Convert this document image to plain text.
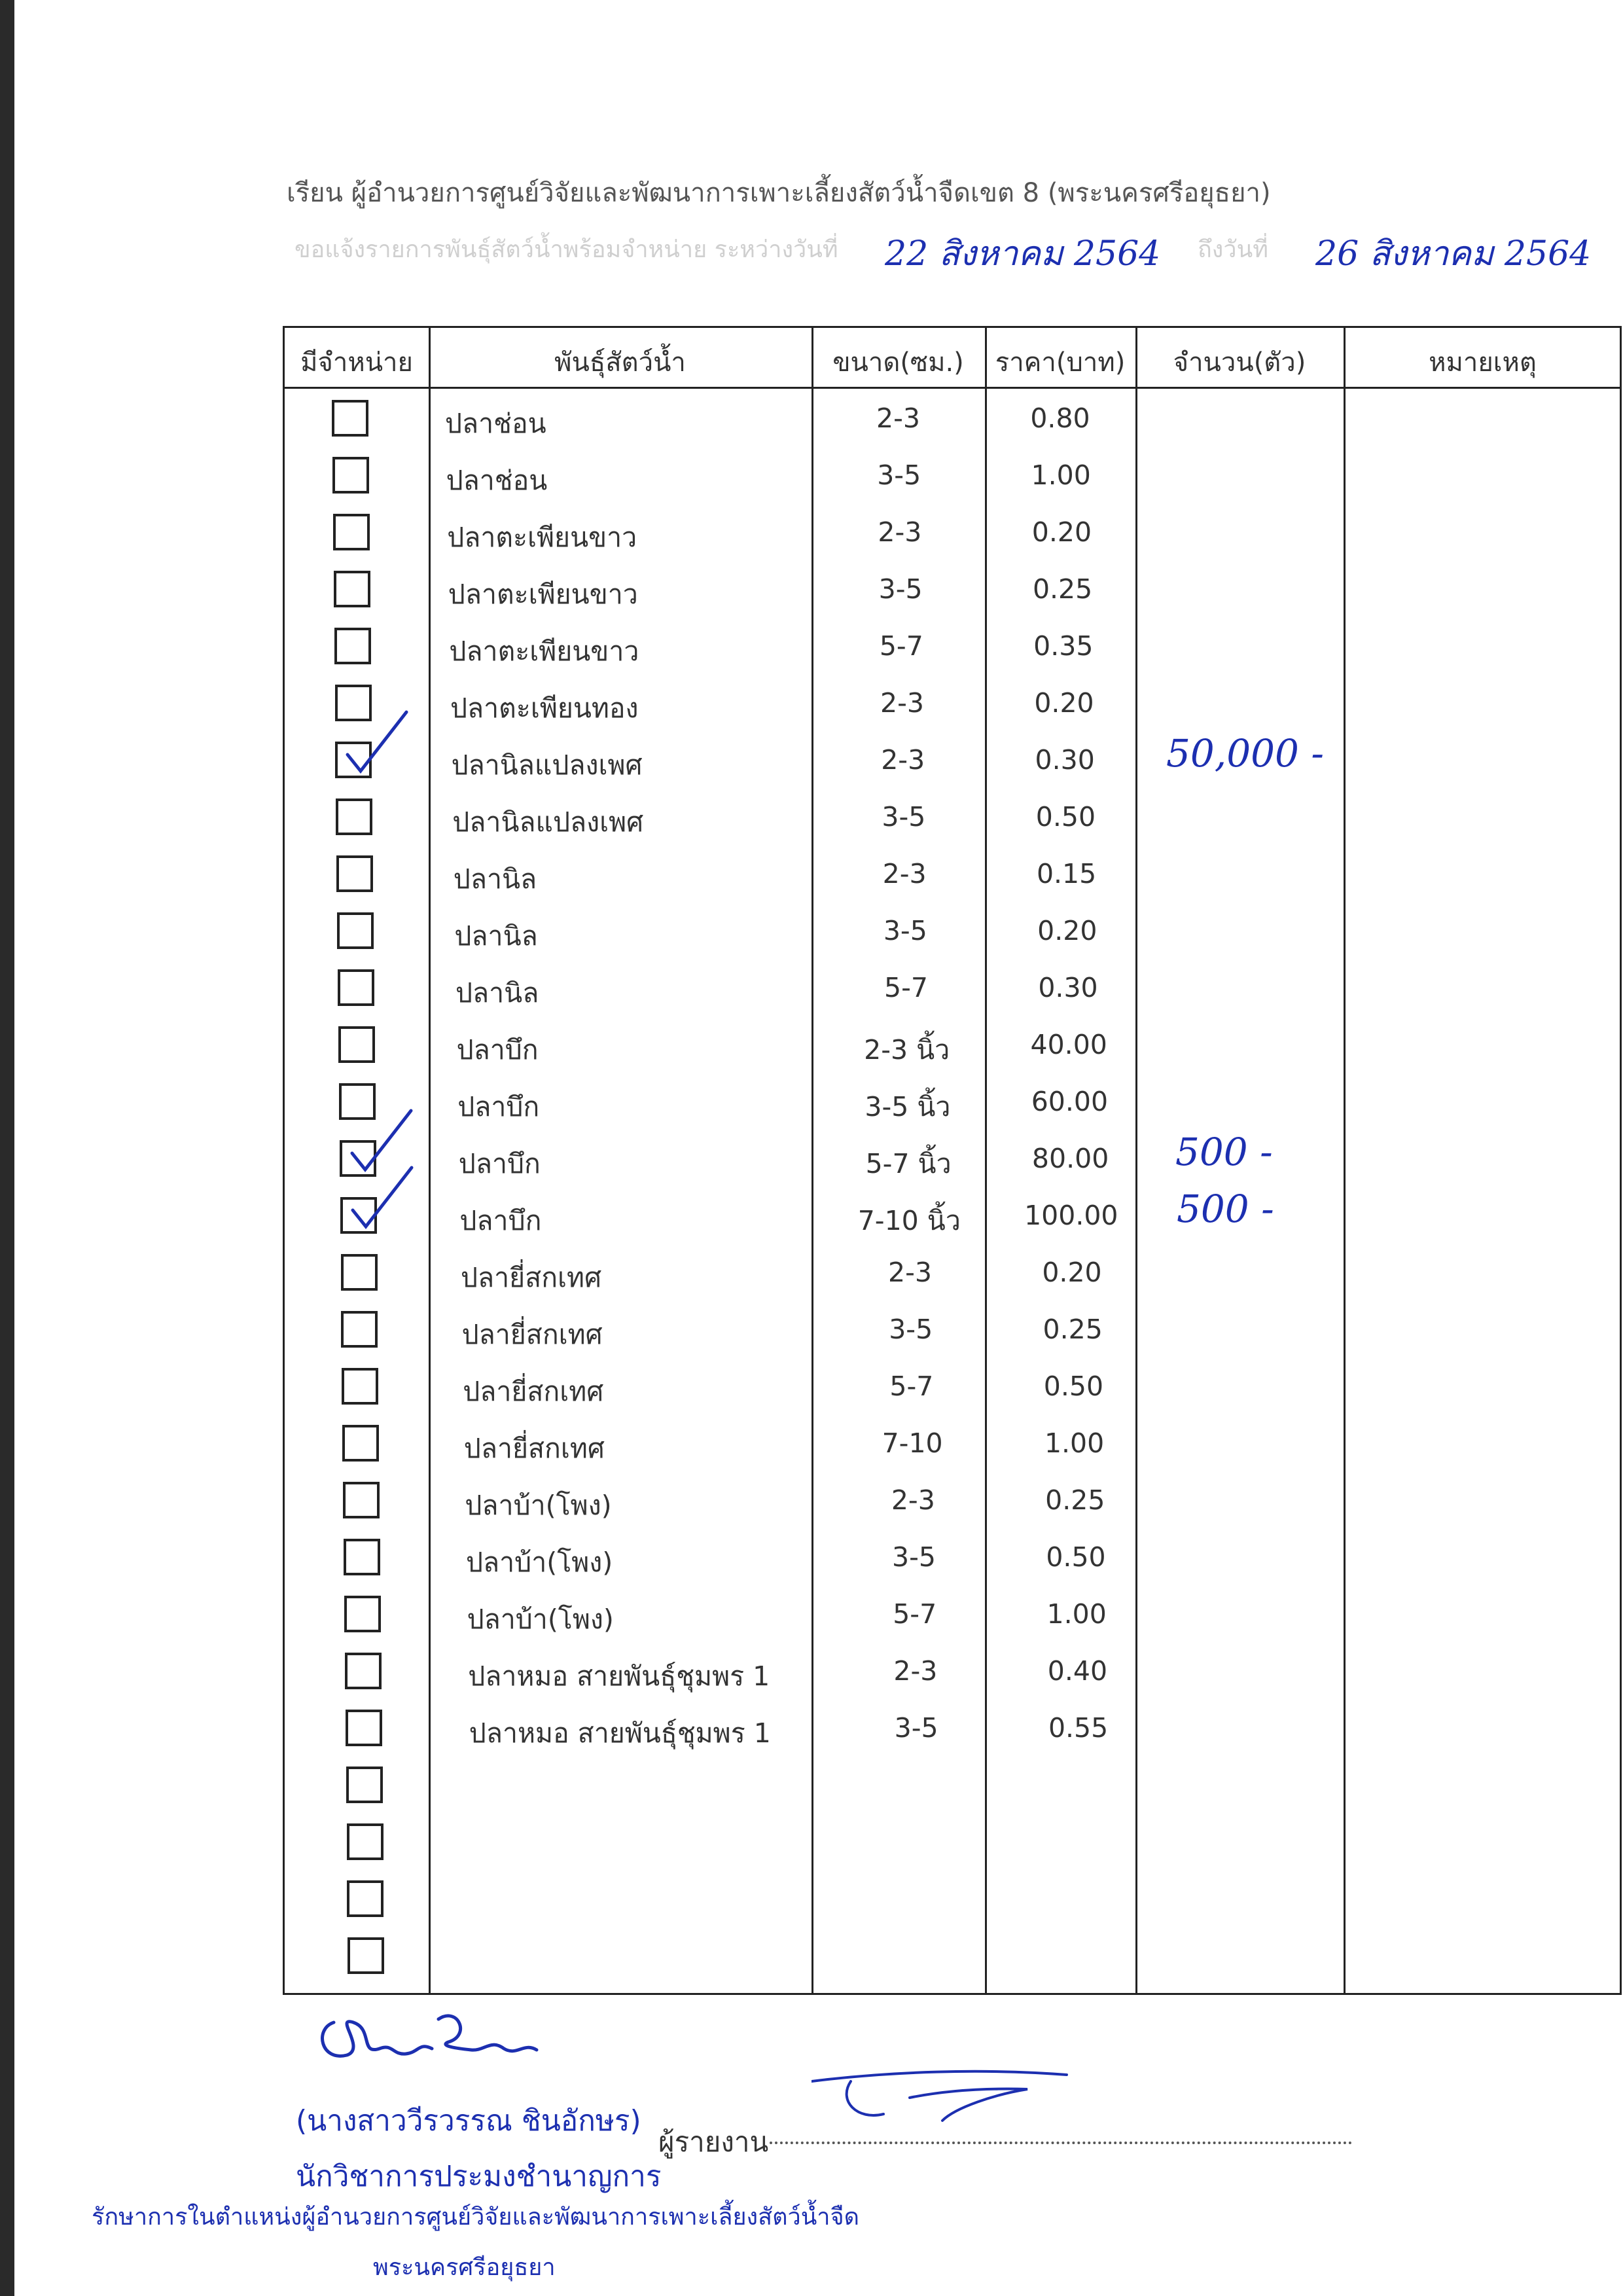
เรียน ผู้อำนวยการศูนย์วิจัยและพัฒนาการเพาะเลี้ยงสัตว์น้ำจืดเขต 8 (พระนครศรีอยุธยา)
ขอแจ้งรายการพันธุ์สัตว์น้ำพร้อมจำหน่าย ระหว่างวันที่ 22 สิงหาคม 2564 ถึงวันที่ 26 สิงหาคม 2564
มีจำหน่าย	พันธุ์สัตว์น้ำ	ขนาด(ซม.)	ราคา(บาท)	จำนวน(ตัว)	หมายเหตุ
ปลาช่อน	2-3	0.80
ปลาช่อน	3-5	1.00
ปลาตะเพียนขาว	2-3	0.20
ปลาตะเพียนขาว	3-5	0.25
ปลาตะเพียนขาว	5-7	0.35
ปลาตะเพียนทอง	2-3	0.20
ปลานิลแปลงเพศ	2-3	0.30	50,000 -
ปลานิลแปลงเพศ	3-5	0.50
ปลานิล	2-3	0.15
ปลานิล	3-5	0.20
ปลานิล	5-7	0.30
ปลาบึก	2-3 นิ้ว	40.00
ปลาบึก	3-5 นิ้ว	60.00
ปลาบึก	5-7 นิ้ว	80.00	500 -
ปลาบึก	7-10 นิ้ว	100.00	500 -
ปลายี่สกเทศ	2-3	0.20
ปลายี่สกเทศ	3-5	0.25
ปลายี่สกเทศ	5-7	0.50
ปลายี่สกเทศ	7-10	1.00
ปลาบ้า(โพง)	2-3	0.25
ปลาบ้า(โพง)	3-5	0.50
ปลาบ้า(โพง)	5-7	1.00
ปลาหมอ สายพันธุ์ชุมพร 1	2-3	0.40
ปลาหมอ สายพันธุ์ชุมพร 1	3-5	0.55
(นางสาววีรวรรณ ชินอักษร)
นักวิชาการประมงชำนาญการ
รักษาการในตำแหน่งผู้อำนวยการศูนย์วิจัยและพัฒนาการเพาะเลี้ยงสัตว์น้ำจืด
พระนครศรีอยุธยา
ผู้รายงาน
